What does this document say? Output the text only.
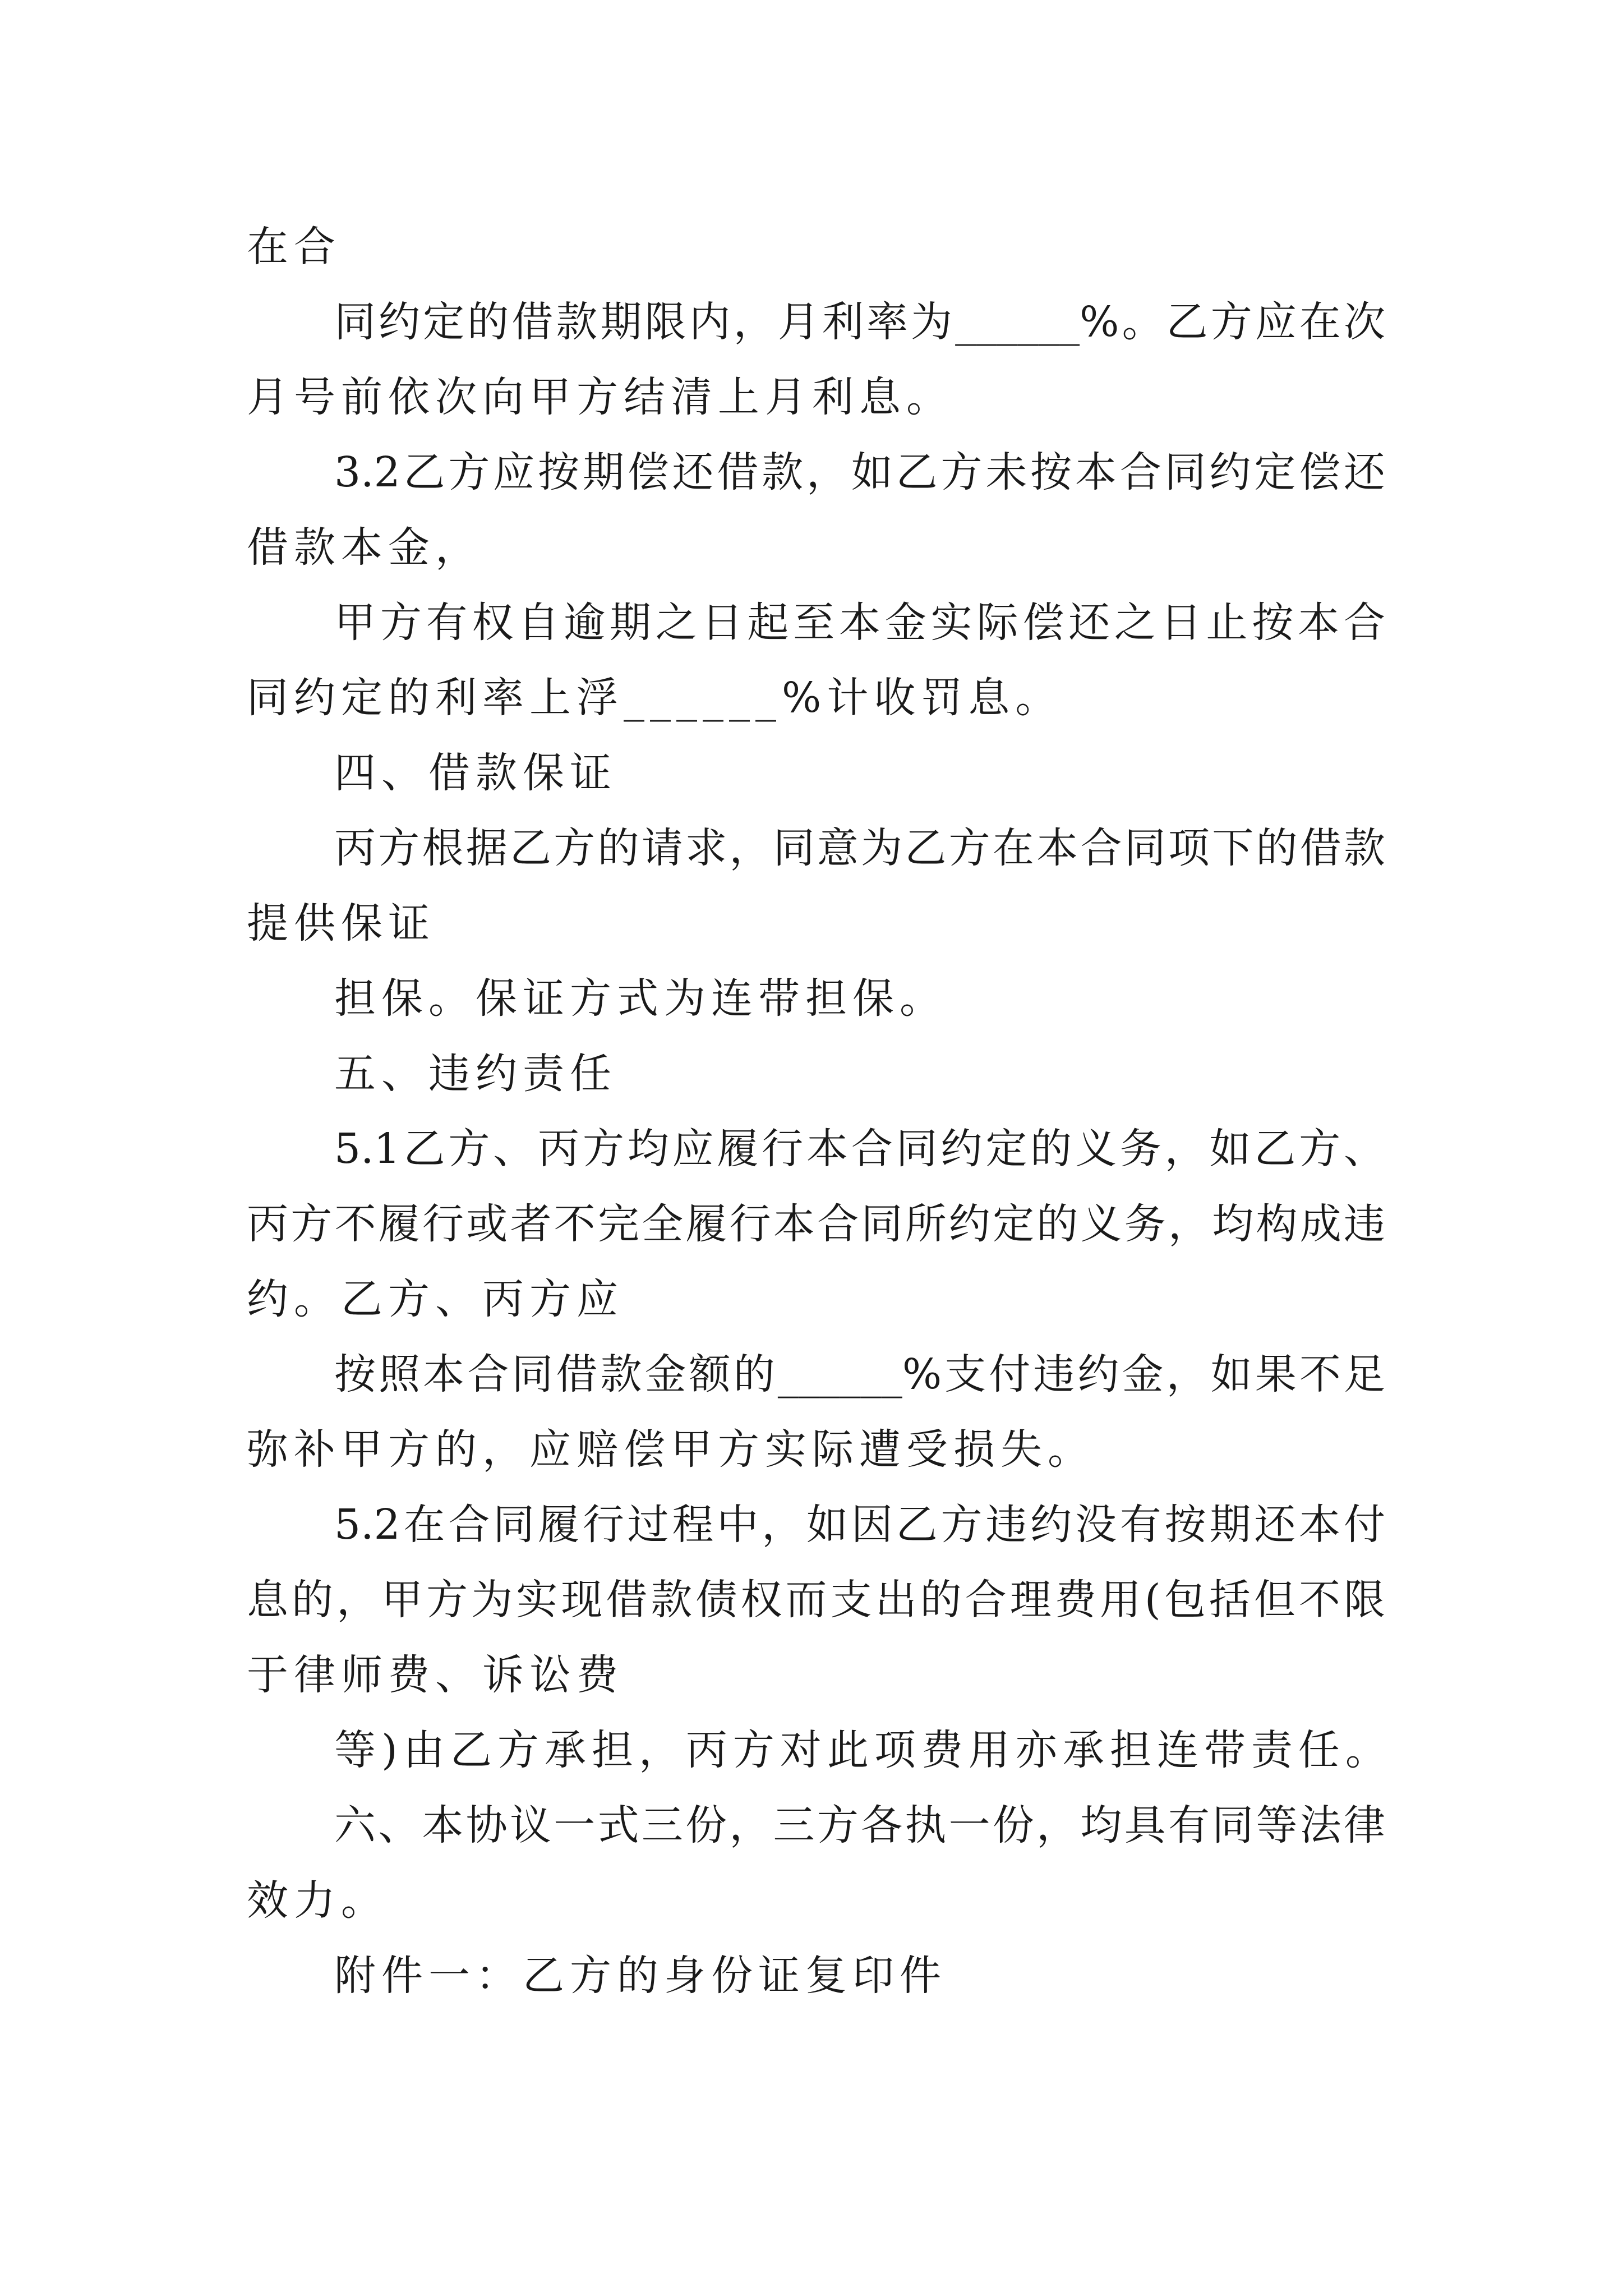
在合
同约定的借款期限内，月利率为______%。乙方应在次
月号前依次向甲方结清上月利息。
3.2乙方应按期偿还借款，如乙方未按本合同约定偿还
借款本金，
甲方有权自逾期之日起至本金实际偿还之日止按本合
同约定的利率上浮______%计收罚息。
四、借款保证
丙方根据乙方的请求，同意为乙方在本合同项下的借款
提供保证
担保。保证方式为连带担保。
五、违约责任
5.1乙方、丙方均应履行本合同约定的义务，如乙方、
丙方不履行或者不完全履行本合同所约定的义务，均构成违
约。乙方、丙方应
按照本合同借款金额的______%支付违约金，如果不足
弥补甲方的，应赔偿甲方实际遭受损失。
5.2在合同履行过程中，如因乙方违约没有按期还本付
息的，甲方为实现借款债权而支出的合理费用(包括但不限
于律师费、诉讼费
等)由乙方承担，丙方对此项费用亦承担连带责任。
六、本协议一式三份，三方各执一份，均具有同等法律
效力。
附件一：乙方的身份证复印件
